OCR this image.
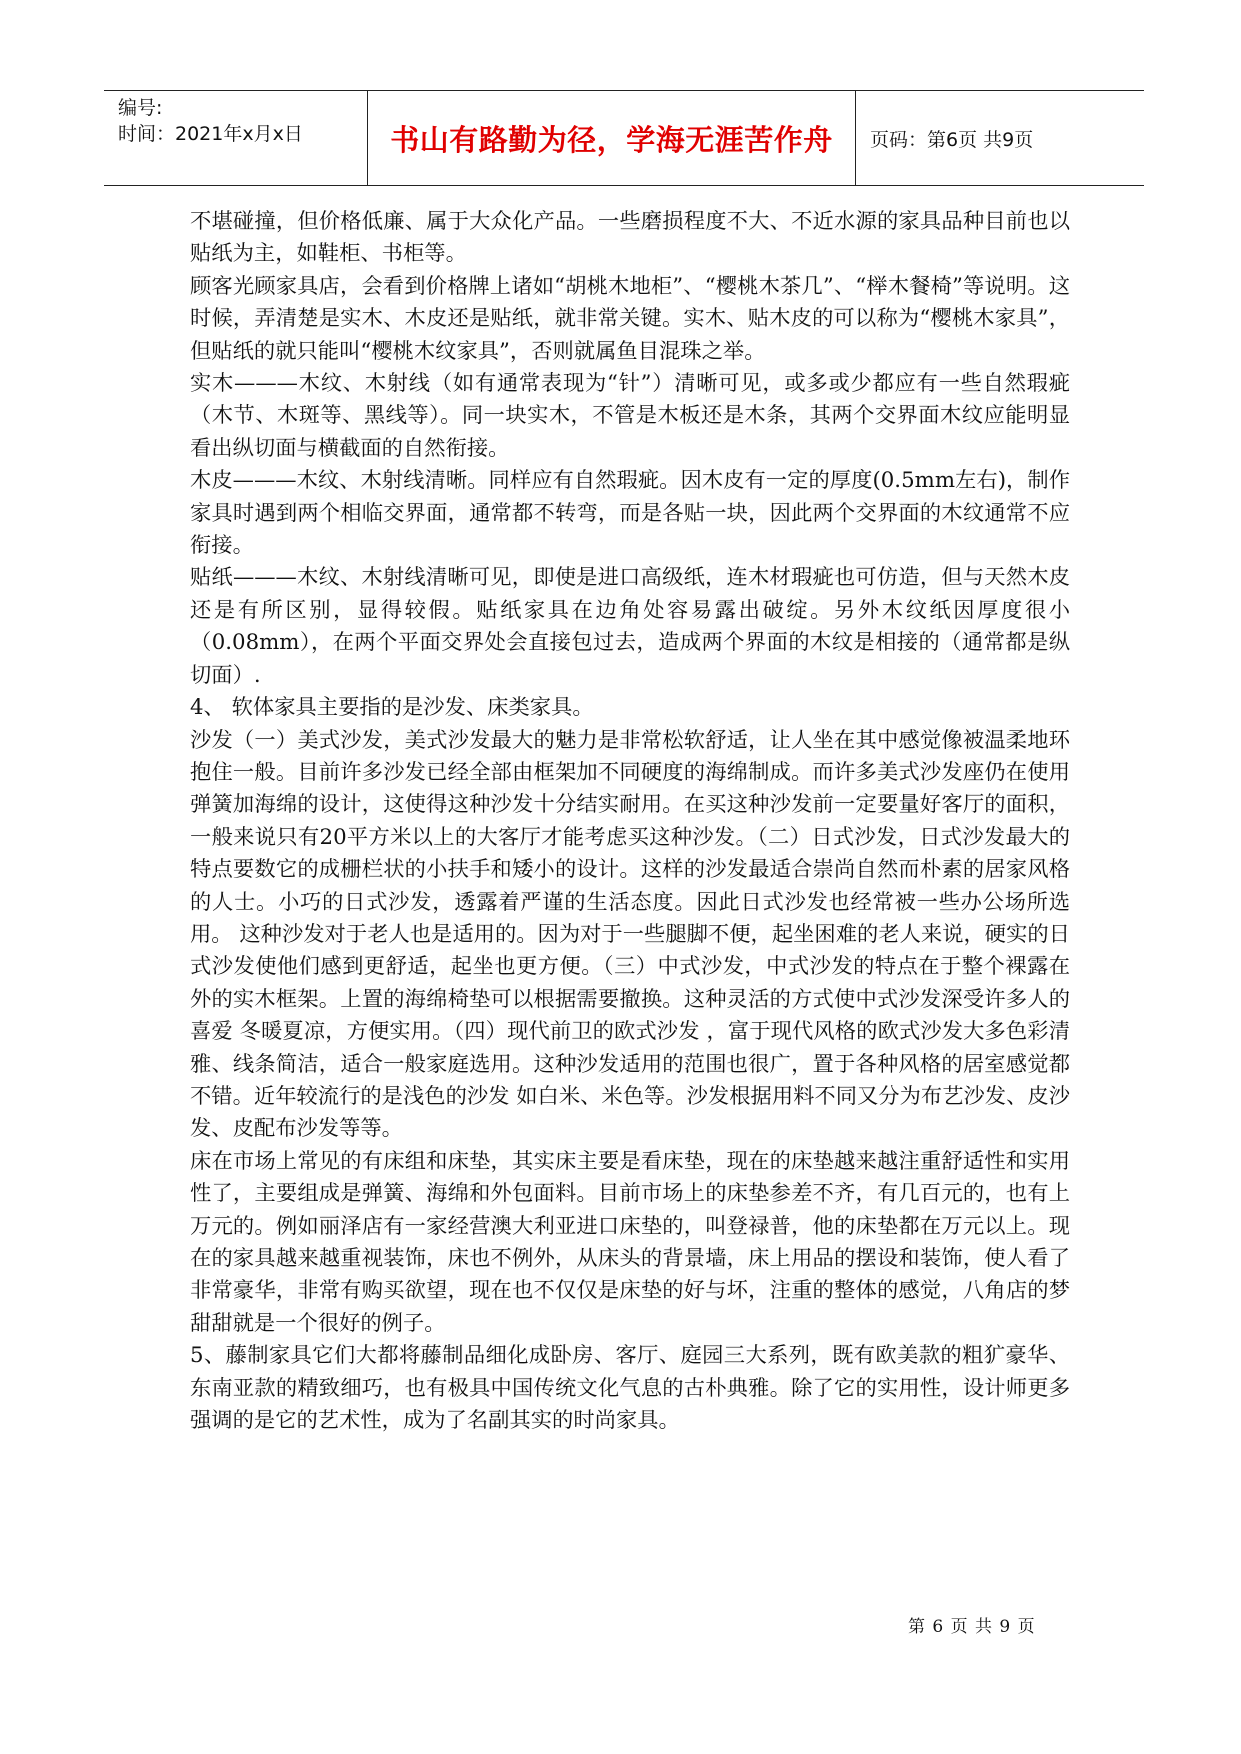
编号:
时间：2021年x月x日	书山有路勤为径，学海无涯苦作舟	页码：第6页 共9页

不堪碰撞，但价格低廉、属于大众化产品。一些磨损程度不大、不近水源的家具品种目前也以贴纸为主，如鞋柜、书柜等。

顾客光顾家具店，会看到价格牌上诸如“胡桃木地柜”、“樱桃木茶几”、“榉木餐椅”等说明。这时候，弄清楚是实木、木皮还是贴纸，就非常关键。实木、贴木皮的可以称为“樱桃木家具”，但贴纸的就只能叫“樱桃木纹家具”，否则就属鱼目混珠之举。

实木———木纹、木射线（如有通常表现为“针”）清晰可见，或多或少都应有一些自然瑕疵（木节、木斑等、黑线等）。同一块实木，不管是木板还是木条，其两个交界面木纹应能明显看出纵切面与横截面的自然衔接。

木皮———木纹、木射线清晰。同样应有自然瑕疵。因木皮有一定的厚度(0.5mm左右)，制作家具时遇到两个相临交界面，通常都不转弯，而是各贴一块，因此两个交界面的木纹通常不应衔接。

贴纸———木纹、木射线清晰可见，即使是进口高级纸，连木材瑕疵也可仿造，但与天然木皮还是有所区别，显得较假。贴纸家具在边角处容易露出破绽。另外木纹纸因厚度很小（0.08mm），在两个平面交界处会直接包过去，造成两个界面的木纹是相接的（通常都是纵切面）.

4、 软体家具主要指的是沙发、床类家具。

沙发（一）美式沙发，美式沙发最大的魅力是非常松软舒适，让人坐在其中感觉像被温柔地环抱住一般。目前许多沙发已经全部由框架加不同硬度的海绵制成。而许多美式沙发座仍在使用弹簧加海绵的设计，这使得这种沙发十分结实耐用。在买这种沙发前一定要量好客厅的面积，一般来说只有20平方米以上的大客厅才能考虑买这种沙发。（二）日式沙发，日式沙发最大的特点要数它的成栅栏状的小扶手和矮小的设计。这样的沙发最适合崇尚自然而朴素的居家风格的人士。小巧的日式沙发，透露着严谨的生活态度。因此日式沙发也经常被一些办公场所选用。 这种沙发对于老人也是适用的。因为对于一些腿脚不便，起坐困难的老人来说，硬实的日式沙发使他们感到更舒适，起坐也更方便。（三）中式沙发，中式沙发的特点在于整个裸露在外的实木框架。上置的海绵椅垫可以根据需要撤换。这种灵活的方式使中式沙发深受许多人的喜爱 冬暖夏凉，方便实用。（四）现代前卫的欧式沙发 ，富于现代风格的欧式沙发大多色彩清雅、线条简洁，适合一般家庭选用。这种沙发适用的范围也很广，置于各种风格的居室感觉都不错。近年较流行的是浅色的沙发 如白米、米色等。沙发根据用料不同又分为布艺沙发、皮沙发、皮配布沙发等等。

床在市场上常见的有床组和床垫，其实床主要是看床垫，现在的床垫越来越注重舒适性和实用性了，主要组成是弹簧、海绵和外包面料。目前市场上的床垫参差不齐，有几百元的，也有上万元的。例如丽泽店有一家经营澳大利亚进口床垫的，叫登禄普，他的床垫都在万元以上。现在的家具越来越重视装饰，床也不例外，从床头的背景墙，床上用品的摆设和装饰，使人看了非常豪华，非常有购买欲望，现在也不仅仅是床垫的好与坏，注重的整体的感觉，八角店的梦甜甜就是一个很好的例子。

5、藤制家具它们大都将藤制品细化成卧房、客厅、庭园三大系列，既有欧美款的粗犷豪华、东南亚款的精致细巧，也有极具中国传统文化气息的古朴典雅。除了它的实用性，设计师更多强调的是它的艺术性，成为了名副其实的时尚家具。

第 6 页 共 9 页
